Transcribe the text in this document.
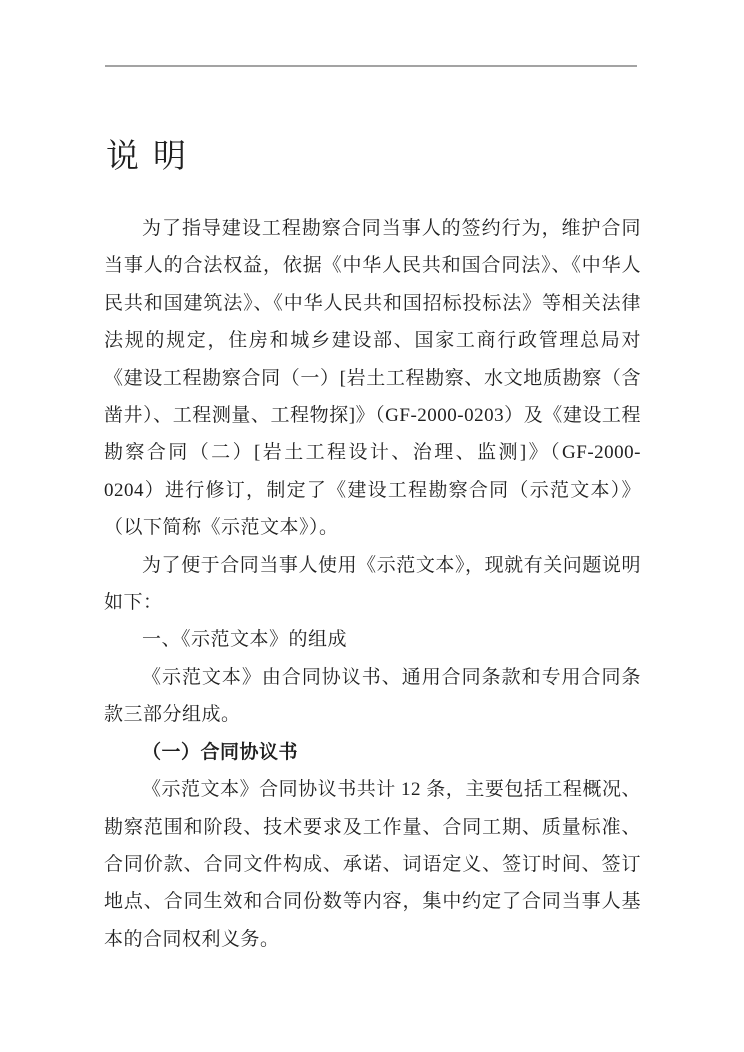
说明

为了指导建设工程勘察合同当事人的签约行为，维护合同当事人的合法权益，依据《中华人民共和国合同法》、《中华人民共和国建筑法》、《中华人民共和国招标投标法》等相关法律法规的规定，住房和城乡建设部、国家工商行政管理总局对《建设工程勘察合同（一）[岩土工程勘察、水文地质勘察（含凿井）、工程测量、工程物探]》（GF-2000-0203）及《建设工程勘察合同（二）[岩土工程设计、治理、监测]》（GF-2000-0204）进行修订，制定了《建设工程勘察合同（示范文本）》（以下简称《示范文本》）。

为了便于合同当事人使用《示范文本》，现就有关问题说明如下：

一、《示范文本》的组成

《示范文本》由合同协议书、通用合同条款和专用合同条款三部分组成。

（一）合同协议书

《示范文本》合同协议书共计 12 条，主要包括工程概况、勘察范围和阶段、技术要求及工作量、合同工期、质量标准、合同价款、合同文件构成、承诺、词语定义、签订时间、签订地点、合同生效和合同份数等内容，集中约定了合同当事人基本的合同权利义务。
